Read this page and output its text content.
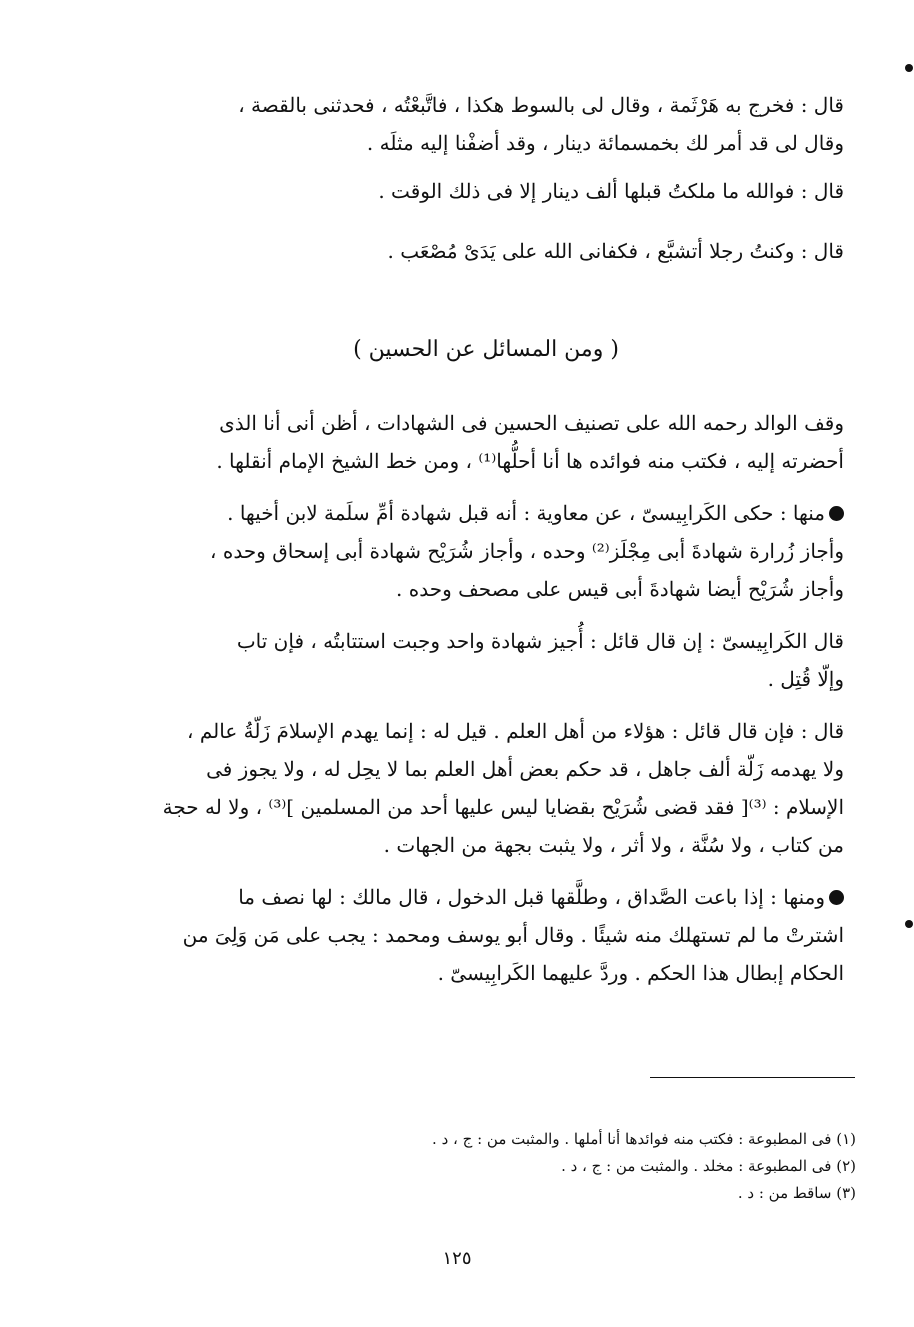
قال : فخرج به هَرْثَمة ، وقال لى بالسوط هكذا ، فاتَّبعْتُه ، فحدثنى بالقصة ،
وقال لى قد أمر لك بخمسمائة دينار ، وقد أضفْنا إليه مثلَه .

قال : فوالله ما ملكتُ قبلها ألف دينار إلا فى ذلك الوقت .

قال : وكنتُ رجلا أتشبَّع ، فكفانى الله على يَدَىْ مُصْعَب .

( ومن المسائل عن الحسين )

وقف الوالد رحمه الله على تصنيف الحسين فى الشهادات ، أظن أنى أنا الذى
أحضرته إليه ، فكتب منه فوائده ها أنا أحلُّها⁽¹⁾ ، ومن خط الشيخ الإمام أنقلها .

منها : حكى الكَرابِيسىّ ، عن معاوية : أنه قبل شهادة أمِّ سلَمة لابن أخيها .
وأجاز زُرارة شهادةَ أبى مِجْلَز⁽²⁾ وحده ، وأجاز شُرَيْح شهادة أبى إسحاق وحده ،
وأجاز شُرَيْح أيضا شهادةَ أبى قيس على مصحف وحده .

قال الكَرابِيسىّ : إن قال قائل : أُجيز شهادة واحد وجبت استتابتُه ، فإن تاب
وإلّا قُتِل .

قال : فإن قال قائل : هؤلاء من أهل العلم . قيل له : إنما يهدم الإسلامَ زَلّةُ عالم ،
ولا يهدمه زَلّة ألف جاهل ، قد حكم بعض أهل العلم بما لا يحِل له ، ولا يجوز فى
الإسلام : ⁽³⁾[ فقد قضى شُرَيْح بقضايا ليس عليها أحد من المسلمين ]⁽³⁾ ، ولا له حجة
من كتاب ، ولا سُنَّة ، ولا أثر ، ولا يثبت بجهة من الجهات .

ومنها : إذا باعت الصَّداق ، وطلَّقها قبل الدخول ، قال مالك : لها نصف ما
اشترتْ ما لم تستهلك منه شيئًا . وقال أبو يوسف ومحمد : يجب على مَن وَلِىَ من
الحكام إبطال هذا الحكم . وردَّ عليهما الكَرابِيسىّ .

(١) فى المطبوعة : فكتب منه فوائدها أنا أملها . والمثبت من : ج ، د .

(٢) فى المطبوعة : مخلد . والمثبت من : ج ، د .

(٣) ساقط من : د .

١٢٥
